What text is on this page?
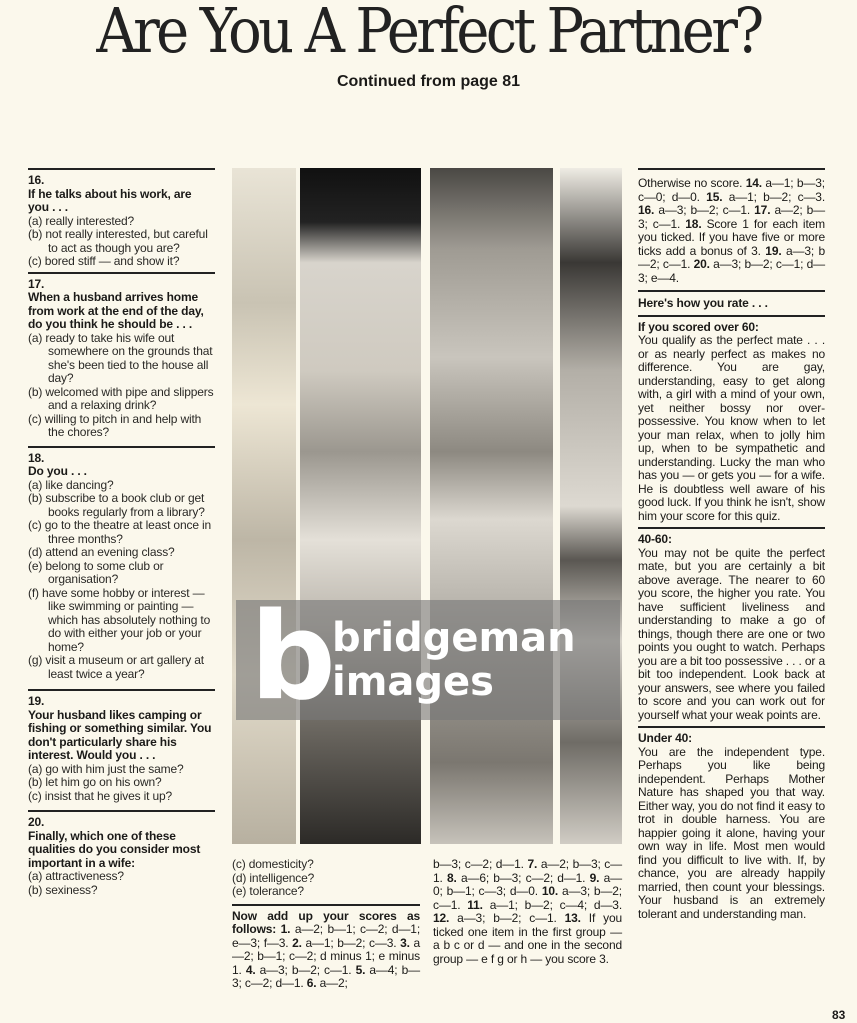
Are You A Perfect Partner?
Continued from page 81
16.
If he talks about his work, are you . . .
(a) really interested?
(b) not really interested, but careful to act as though you are?
(c) bored stiff — and show it?
17.
When a husband arrives home from work at the end of the day, do you think he should be . . .
(a) ready to take his wife out somewhere on the grounds that she's been tied to the house all day?
(b) welcomed with pipe and slippers and a relaxing drink?
(c) willing to pitch in and help with the chores?
18.
Do you . . .
(a) like dancing?
(b) subscribe to a book club or get books regularly from a library?
(c) go to the theatre at least once in three months?
(d) attend an evening class?
(e) belong to some club or organisation?
(f) have some hobby or interest — like swimming or painting — which has absolutely nothing to do with either your job or your home?
(g) visit a museum or art gallery at least twice a year?
19.
Your husband likes camping or fishing or something similar. You don't particularly share his interest. Would you . . .
(a) go with him just the same?
(b) let him go on his own?
(c) insist that he gives it up?
20.
Finally, which one of these qualities do you consider most important in a wife:
(a) attractiveness?
(b) sexiness?
b
bridgeman
images
(c) domesticity?
(d) intelligence?
(e) tolerance?
Now add up your scores as follows: 1. a—2; b—1; c—2; d—1; e—3; f—3. 2. a—1; b—2; c—3. 3. a—2; b—1; c—2; d minus 1; e minus 1. 4. a—3; b—2; c—1. 5. a—4; b—3; c—2; d—1. 6. a—2;
b—3; c—2; d—1. 7. a—2; b—3; c—1. 8. a—6; b—3; c—2; d—1. 9. a—0; b—1; c—3; d—0. 10. a—3; b—2; c—1. 11. a—1; b—2; c—4; d—3. 12. a—3; b—2; c—1. 13. If you ticked one item in the first group — a b c or d — and one in the second group — e f g or h — you score 3.
Otherwise no score. 14. a—1; b—3; c—0; d—0. 15. a—1; b—2; c—3. 16. a—3; b—2; c—1. 17. a—2; b—3; c—1. 18. Score 1 for each item you ticked. If you have five or more ticks add a bonus of 3. 19. a—3; b—2; c—1. 20. a—3; b—2; c—1; d—3; e—4.
Here's how you rate . . .
If you scored over 60:
You qualify as the perfect mate . . . or as nearly perfect as makes no difference. You are gay, understanding, easy to get along with, a girl with a mind of your own, yet neither bossy nor over-possessive. You know when to let your man relax, when to jolly him up, when to be sympathetic and understanding. Lucky the man who has you — or gets you — for a wife. He is doubtless well aware of his good luck. If you think he isn't, show him your score for this quiz.
40-60:
You may not be quite the perfect mate, but you are certainly a bit above average. The nearer to 60 you score, the higher you rate. You have sufficient liveliness and understanding to make a go of things, though there are one or two points you ought to watch. Perhaps you are a bit too possessive . . . or a bit too independent. Look back at your answers, see where you failed to score and you can work out for yourself what your weak points are.
Under 40:
You are the independent type. Perhaps you like being independent. Perhaps Mother Nature has shaped you that way. Either way, you do not find it easy to trot in double harness. You are happier going it alone, having your own way in life. Most men would find you difficult to live with. If, by chance, you are already happily married, then count your blessings. Your husband is an extremely tolerant and understanding man.
83
